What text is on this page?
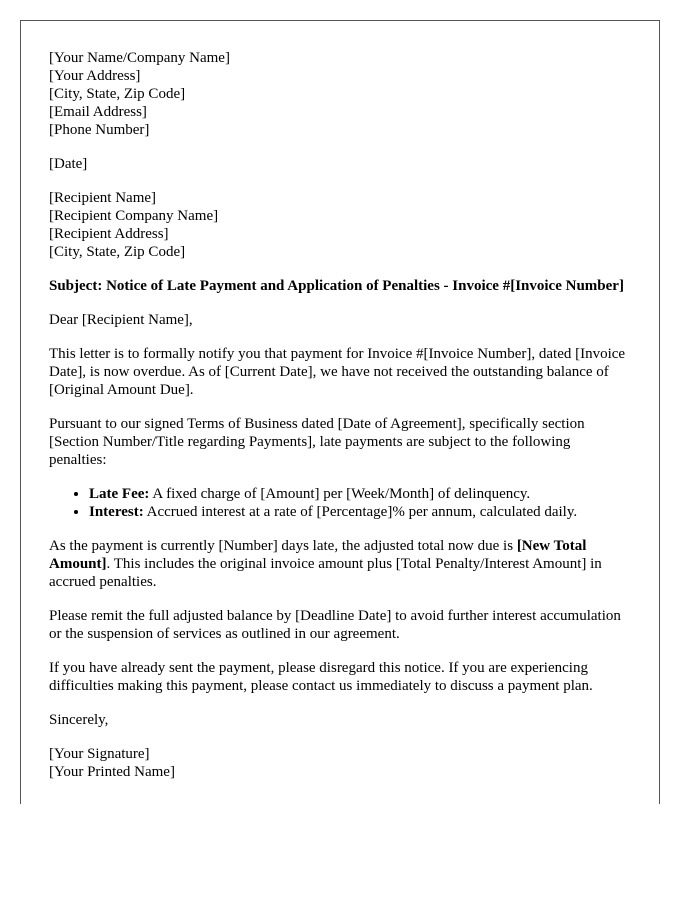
[Your Name/Company Name]
[Your Address]
[City, State, Zip Code]
[Email Address]
[Phone Number]
[Date]
[Recipient Name]
[Recipient Company Name]
[Recipient Address]
[City, State, Zip Code]
Subject: Notice of Late Payment and Application of Penalties - Invoice #[Invoice Number]

Dear [Recipient Name],

This letter is to formally notify you that payment for Invoice #[Invoice Number], dated [Invoice Date], is now overdue. As of [Current Date], we have not received the outstanding balance of [Original Amount Due].

Pursuant to our signed Terms of Business dated [Date of Agreement], specifically section [Section Number/Title regarding Payments], late payments are subject to the following penalties:

• Late Fee: A fixed charge of [Amount] per [Week/Month] of delinquency.
• Interest: Accrued interest at a rate of [Percentage]% per annum, calculated daily.

As the payment is currently [Number] days late, the adjusted total now due is [New Total Amount]. This includes the original invoice amount plus [Total Penalty/Interest Amount] in accrued penalties.

Please remit the full adjusted balance by [Deadline Date] to avoid further interest accumulation or the suspension of services as outlined in our agreement.

If you have already sent the payment, please disregard this notice. If you are experiencing difficulties making this payment, please contact us immediately to discuss a payment plan.

Sincerely,

[Your Signature]
[Your Printed Name]
